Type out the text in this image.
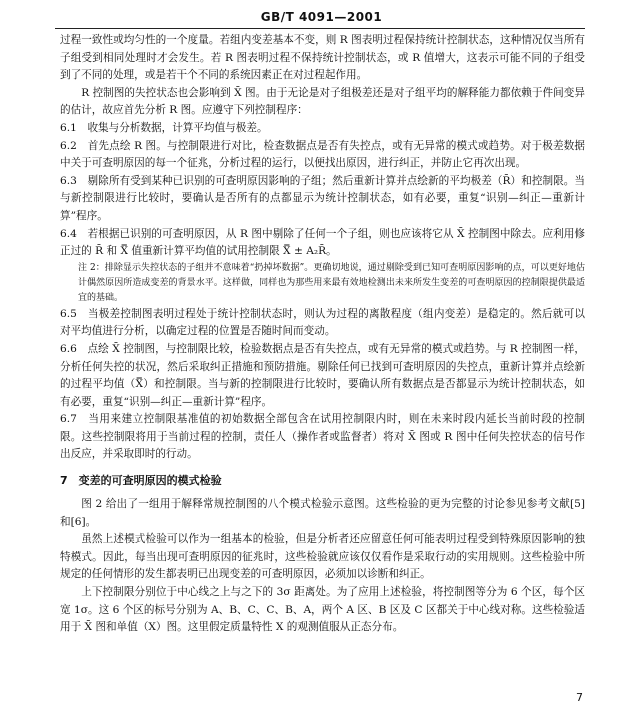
GB/T 4091—2001

过程一致性或均匀性的一个度量。若组内变差基本不变，则 R 图表明过程保持统计控制状态，这种情况仅当所有子组受到相同处理时才会发生。若 R 图表明过程不保持统计控制状态，或 R 值增大，这表示可能不同的子组受到了不同的处理，或是若干个不同的系统因素正在对过程起作用。

R 控制图的失控状态也会影响到 X̄ 图。由于无论是对子组极差还是对子组平均的解释能力都依赖于件间变异的估计，故应首先分析 R 图。应遵守下列控制程序：

6.1　收集与分析数据，计算平均值与极差。

6.2　首先点绘 R 图。与控制限进行对比，检查数据点是否有失控点，或有无异常的模式或趋势。对于极差数据中关于可查明原因的每一个征兆，分析过程的运行，以便找出原因，进行纠正，并防止它再次出现。

6.3　剔除所有受到某种已识别的可查明原因影响的子组；然后重新计算并点绘新的平均极差（R̄）和控制限。当与新控制限进行比较时，要确认是否所有的点都显示为统计控制状态，如有必要，重复“识别—纠正—重新计算”程序。

6.4　若根据已识别的可查明原因，从 R 图中剔除了任何一个子组，则也应该将它从 X̄ 控制图中除去。应利用修正过的 R̄ 和 X̿ 值重新计算平均值的试用控制限 X̿ ± A₂R̄。

注 2：排除显示失控状态的子组并不意味着“扔掉坏数据”。更确切地说，通过剔除受到已知可查明原因影响的点，可以更好地估计偶然原因所造成变差的背景水平。这样做，同样也为那些用来最有效地检测出未来所发生变差的可查明原因的控制限提供最适宜的基础。

6.5　当极差控制图表明过程处于统计控制状态时，则认为过程的离散程度（组内变差）是稳定的。然后就可以对平均值进行分析，以确定过程的位置是否随时间而变动。

6.6　点绘 X̄ 控制图，与控制限比较，检验数据点是否有失控点，或有无异常的模式或趋势。与 R 控制图一样，分析任何失控的状况，然后采取纠正措施和预防措施。剔除任何已找到可查明原因的失控点，重新计算并点绘新的过程平均值（X̿）和控制限。当与新的控制限进行比较时，要确认所有数据点是否都显示为统计控制状态，如有必要，重复“识别—纠正—重新计算”程序。

6.7　当用来建立控制限基准值的初始数据全部包含在试用控制限内时，则在未来时段内延长当前时段的控制限。这些控制限将用于当前过程的控制，责任人（操作者或监督者）将对 X̄ 图或 R 图中任何失控状态的信号作出反应，并采取即时的行动。

7　变差的可查明原因的模式检验

图 2 给出了一组用于解释常规控制图的八个模式检验示意图。这些检验的更为完整的讨论参见参考文献[5]和[6]。

虽然上述模式检验可以作为一组基本的检验，但是分析者还应留意任何可能表明过程受到特殊原因影响的独特模式。因此，每当出现可查明原因的征兆时，这些检验就应该仅仅看作是采取行动的实用规则。这些检验中所规定的任何情形的发生都表明已出现变差的可查明原因，必须加以诊断和纠正。

上下控制限分别位于中心线之上与之下的 3σ 距离处。为了应用上述检验，将控制图等分为 6 个区，每个区宽 1σ。这 6 个区的标号分别为 A、B、C、C、B、A，两个 A 区、B 区及 C 区都关于中心线对称。这些检验适用于 X̄ 图和单值（X）图。这里假定质量特性 X 的观测值服从正态分布。

7
